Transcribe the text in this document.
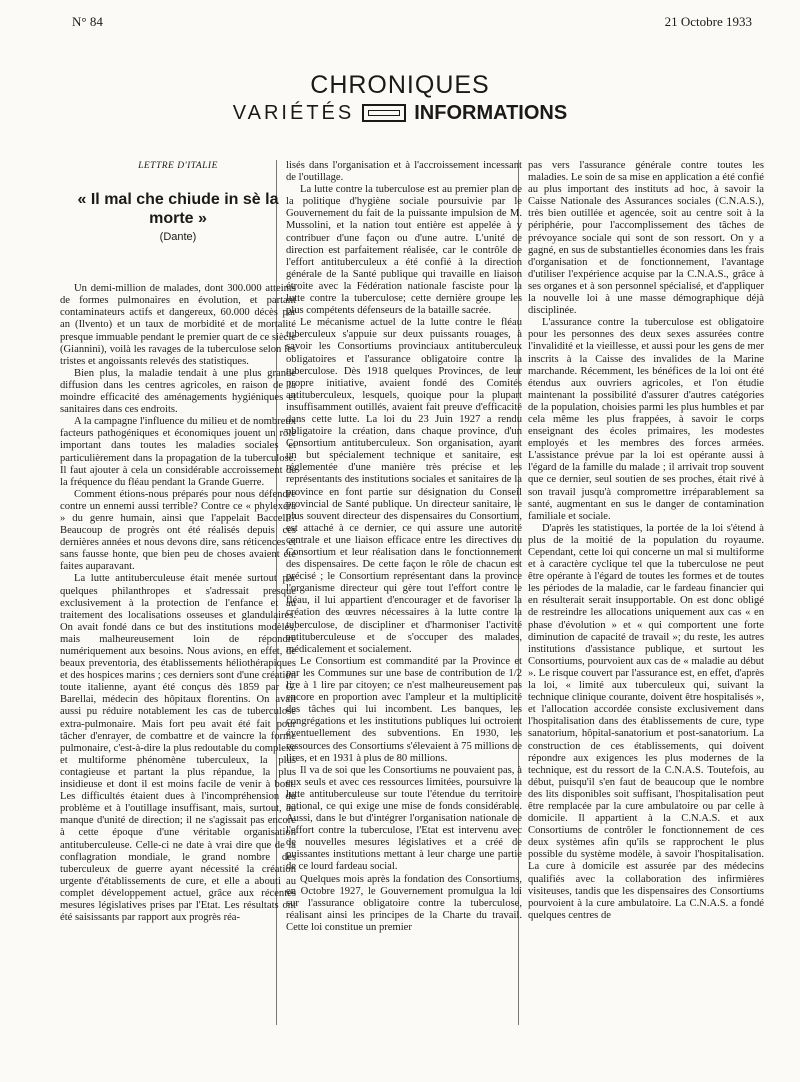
N° 84	21 Octobre 1933
CHRONIQUES
VARIÉTÉS	INFORMATIONS

LETTRE D'ITALIE

« Il mal che chiude in sè la morte »
(Dante)

Un demi-million de malades, dont 300.000 atteints de formes pulmonaires en évolution, et partant contaminateurs actifs et dangereux, 60.000 décès par an (Ilvento) et un taux de morbidité et de mortalité presque immuable pendant le premier quart de ce siècle (Giannini), voilà les ravages de la tuberculose selon les tristes et angoissants relevés des statistiques.

Bien plus, la maladie tendait à une plus grande diffusion dans les centres agricoles, en raison de la moindre efficacité des aménagements hygiéniques et sanitaires dans ces endroits.

A la campagne l'influence du milieu et de nombreux facteurs pathogéniques et économiques jouent un rôle important dans toutes les maladies sociales et particulièrement dans la propagation de la tuberculose. Il faut ajouter à cela un considérable accroissement de la fréquence du fléau pendant la Grande Guerre.

Comment étions-nous préparés pour nous défendre contre un ennemi aussi terrible? Contre ce « phylexéra » du genre humain, ainsi que l'appelait Baccelli? Beaucoup de progrès ont été réalisés depuis ces dernières années et nous devons dire, sans réticences et sans fausse honte, que bien peu de choses avaient été faites auparavant.

La lutte antituberculeuse était menée surtout par quelques philanthropes et s'adressait presque exclusivement à la protection de l'enfance et au traitement des localisations osseuses et glandulaires. On avait fondé dans ce but des institutions modèles, mais malheureusement loin de répondre numériquement aux besoins. Nous avions, en effet, de beaux preventoria, des établissements héliothérapiques et des hospices marins ; ces derniers sont d'une création toute italienne, ayant été conçus dès 1859 par G. Barellai, médecin des hôpitaux florentins. On avait aussi pu réduire notablement les cas de tuberculose extra-pulmonaire. Mais fort peu avait été fait pour tâcher d'enrayer, de combattre et de vaincre la forme pulmonaire, c'est-à-dire la plus redoutable du complexe et multiforme phénomène tuberculeux, la plus contagieuse et partant la plus répandue, la plus insidieuse et dont il est moins facile de venir à bout. Les difficultés étaient dues à l'incompréhension du problème et à l'outillage insuffisant, mais, surtout, au manque d'unité de direction; il ne s'agissait pas encore à cette époque d'une véritable organisation antituberculeuse. Celle-ci ne date à vrai dire que de la conflagration mondiale, le grand nombre des tuberculeux de guerre ayant nécessité la création urgente d'établissements de cure, et elle a abouti au complet développement actuel, grâce aux récentes mesures législatives prises par l'Etat. Les résultats ont été saisissants par rapport aux progrès réa-

lisés dans l'organisation et à l'accroissement incessant de l'outillage.

La lutte contre la tuberculose est au premier plan de la politique d'hygiène sociale poursuivie par le Gouvernement du fait de la puissante impulsion de M. Mussolini, et la nation tout entière est appelée à y contribuer d'une façon ou d'une autre. L'unité de direction est parfaitement réalisée, car le contrôle de l'effort antituberculeux a été confié à la direction générale de la Santé publique qui travaille en liaison étroite avec la Fédération nationale fasciste pour la lutte contre la tuberculose; cette dernière groupe les plus compétents défenseurs de la bataille sacrée.

Le mécanisme actuel de la lutte contre le fléau tuberculeux s'appuie sur deux puissants rouages, à savoir les Consortiums provinciaux antituberculeux obligatoires et l'assurance obligatoire contre la tuberculose. Dès 1918 quelques Provinces, de leur propre initiative, avaient fondé des Comités antituberculeux, lesquels, quoique pour la plupart insuffisamment outillés, avaient fait preuve d'efficacité dans cette lutte. La loi du 23 Juin 1927 a rendu obligatoire la création, dans chaque province, d'un Consortium antituberculeux. Son organisation, ayant un but spécialement technique et sanitaire, est réglementée d'une manière très précise et les représentants des institutions sociales et sanitaires de la province en font partie sur désignation du Conseil provincial de Santé publique. Un directeur sanitaire, le plus souvent directeur des dispensaires du Consortium, est attaché à ce dernier, ce qui assure une autorité centrale et une liaison efficace entre les directives du Consortium et leur réalisation dans le fonctionnement des dispensaires. De cette façon le rôle de chacun est précisé ; le Consortium représentant dans la province l'organisme directeur qui gère tout l'effort contre le fléau, il lui appartient d'encourager et de favoriser la création des œuvres nécessaires à la lutte contre la tuberculose, de discipliner et d'harmoniser l'activité antituberculeuse et de s'occuper des malades, médicalement et socialement.

Le Consortium est commandité par la Province et par les Communes sur une base de contribution de 1/2 lire à 1 lire par citoyen; ce n'est malheureusement pas encore en proportion avec l'ampleur et la multiplicité des tâches qui lui incombent. Les banques, les congrégations et les institutions publiques lui octroient éventuellement des subventions. En 1930, les ressources des Consortiums s'élevaient à 75 millions de lires, et en 1931 à plus de 80 millions.

Il va de soi que les Consortiums ne pouvaient pas, à eux seuls et avec ces ressources limitées, poursuivre la lutte antituberculeuse sur toute l'étendue du territoire national, ce qui exige une mise de fonds considérable. Aussi, dans le but d'intégrer l'organisation nationale de l'effort contre la tuberculose, l'Etat est intervenu avec de nouvelles mesures législatives et a créé de puissantes institutions mettant à leur charge une partie de ce lourd fardeau social.

Quelques mois après la fondation des Consortiums, en Octobre 1927, le Gouvernement promulgua la loi sur l'assurance obligatoire contre la tuberculose, réalisant ainsi les principes de la Charte du travail. Cette loi constitue un premier

pas vers l'assurance générale contre toutes les maladies. Le soin de sa mise en application a été confié au plus important des instituts ad hoc, à savoir la Caisse Nationale des Assurances sociales (C.N.A.S.), très bien outillée et agencée, soit au centre soit à la périphérie, pour l'accomplissement des tâches de prévoyance sociale qui sont de son ressort. On y a gagné, en sus de substantielles économies dans les frais d'organisation et de fonctionnement, l'avantage d'utiliser l'expérience acquise par la C.N.A.S., grâce à ses organes et à son personnel spécialisé, et d'appliquer la nouvelle loi à une masse démographique déjà disciplinée.

L'assurance contre la tuberculose est obligatoire pour les personnes des deux sexes assurées contre l'invalidité et la vieillesse, et aussi pour les gens de mer inscrits à la Caisse des invalides de la Marine marchande. Récemment, les bénéfices de la loi ont été étendus aux ouvriers agricoles, et l'on étudie maintenant la possibilité d'assurer d'autres catégories de la population, choisies parmi les plus humbles et par cela même les plus frappées, à savoir le corps enseignant des écoles primaires, les modestes employés et les membres des forces armées. L'assistance prévue par la loi est opérante aussi à l'égard de la famille du malade ; il arrivait trop souvent que ce dernier, seul soutien de ses proches, était rivé à son travail jusqu'à compromettre irréparablement sa santé, augmentant en sus le danger de contamination familiale et sociale.

D'après les statistiques, la portée de la loi s'étend à plus de la moitié de la population du royaume. Cependant, cette loi qui concerne un mal si multiforme et à caractère cyclique tel que la tuberculose ne peut être opérante à l'égard de toutes les formes et de toutes les périodes de la maladie, car le fardeau financier qui en résulterait serait insupportable. On est donc obligé de restreindre les allocations uniquement aux cas « en phase d'évolution » et « qui comportent une forte diminution de capacité de travail »; du reste, les autres institutions d'assistance publique, et surtout les Consortiums, pourvoient aux cas de « maladie au début ». Le risque couvert par l'assurance est, en effet, d'après la loi, « limité aux tuberculeux qui, suivant la technique clinique courante, doivent être hospitalisés », et l'allocation accordée consiste exclusivement dans l'hospitalisation dans des établissements de cure, type sanatorium, hôpital-sanatorium et post-sanatorium. La construction de ces établissements, qui doivent répondre aux exigences les plus modernes de la technique, est du ressort de la C.N.A.S. Toutefois, au début, puisqu'il s'en faut de beaucoup que le nombre des lits disponibles soit suffisant, l'hospitalisation peut être remplacée par la cure ambulatoire ou par celle à domicile. Il appartient à la C.N.A.S. et aux Consortiums de contrôler le fonctionnement de ces deux systèmes afin qu'ils se rapprochent le plus possible du système modèle, à savoir l'hospitalisation. La cure à domicile est assurée par des médecins qualifiés avec la collaboration des infirmières visiteuses, tandis que les dispensaires des Consortiums pourvoient à la cure ambulatoire. La C.N.A.S. a fondé quelques centres de
